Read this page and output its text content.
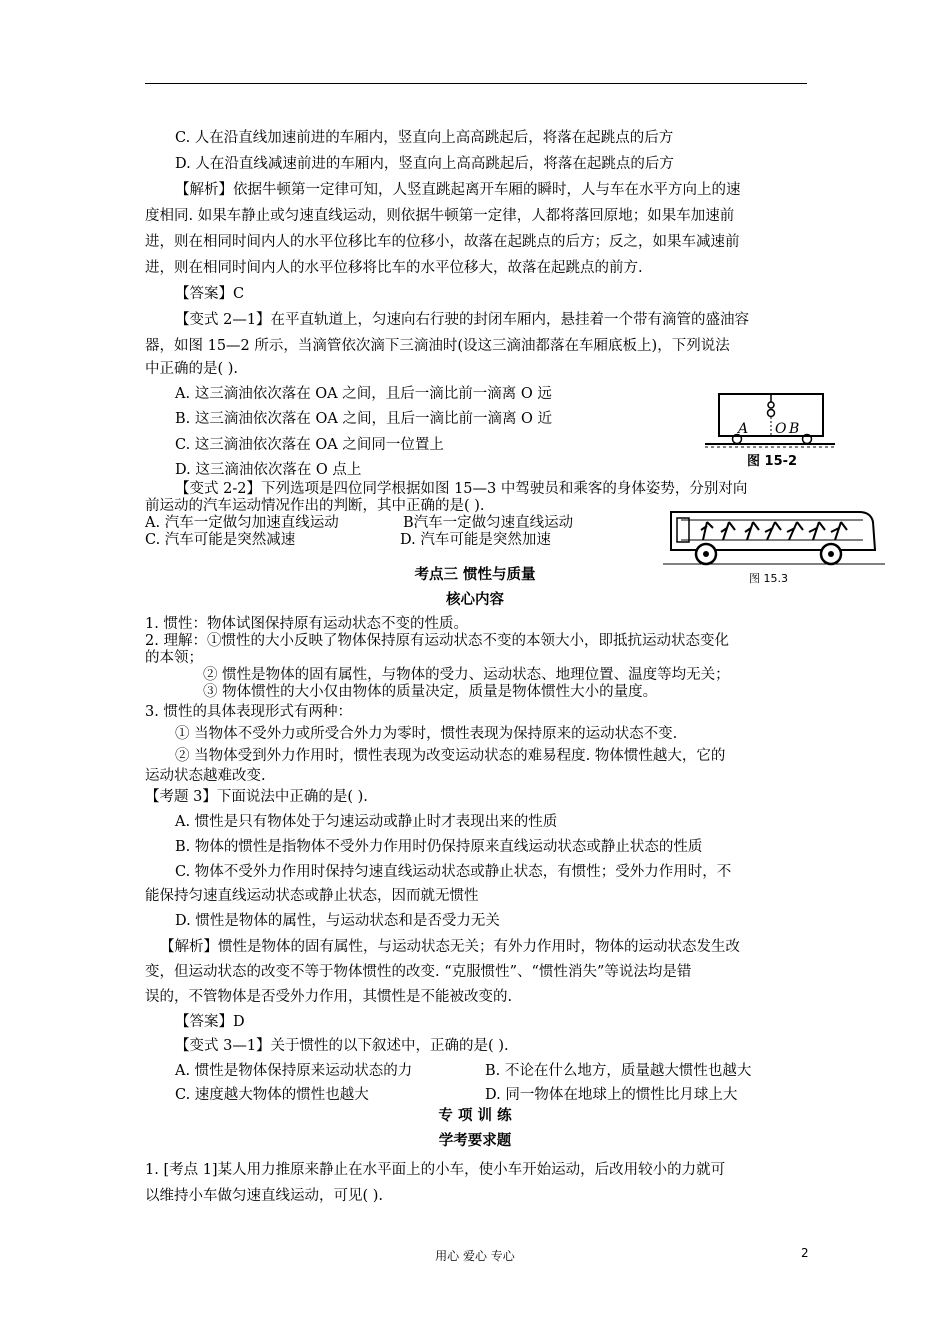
C. 人在沿直线加速前进的车厢内，竖直向上高高跳起后，将落在起跳点的后方
D. 人在沿直线减速前进的车厢内，竖直向上高高跳起后，将落在起跳点的后方
【解析】依据牛顿第一定律可知，人竖直跳起离开车厢的瞬时，人与车在水平方向上的速
度相同. 如果车静止或匀速直线运动，则依据牛顿第一定律，人都将落回原地；如果车加速前
进，则在相同时间内人的水平位移比车的位移小，故落在起跳点的后方；反之，如果车减速前
进，则在相同时间内人的水平位移将比车的水平位移大，故落在起跳点的前方.
【答案】C
【变式 2—1】在平直轨道上，匀速向右行驶的封闭车厢内，悬挂着一个带有滴管的盛油容
器，如图 15—2 所示，当滴管依次滴下三滴油时(设这三滴油都落在车厢底板上)，下列说法
中正确的是( ).
A. 这三滴油依次落在 OA 之间，且后一滴比前一滴离 O 远
B. 这三滴油依次落在 OA 之间，且后一滴比前一滴离 O 近
C. 这三滴油依次落在 OA 之间同一位置上
D. 这三滴油依次落在 O 点上
【变式 2-2】下列选项是四位同学根据如图 15—3 中驾驶员和乘客的身体姿势，分别对向
前运动的汽车运动情况作出的判断，其中正确的是( ).
A. 汽车一定做匀加速直线运动	B汽车一定做匀速直线运动
C. 汽车可能是突然减速	D. 汽车可能是突然加速
A O B
图 15-2
图 15.3
考点三 惯性与质量
核心内容
1. 惯性：物体试图保持原有运动状态不变的性质。
2. 理解：①惯性的大小反映了物体保持原有运动状态不变的本领大小，即抵抗运动状态变化
的本领；
② 惯性是物体的固有属性，与物体的受力、运动状态、地理位置、温度等均无关；
③ 物体惯性的大小仅由物体的质量决定，质量是物体惯性大小的量度。
3. 惯性的具体表现形式有两种：
① 当物体不受外力或所受合外力为零时，惯性表现为保持原来的运动状态不变.
② 当物体受到外力作用时，惯性表现为改变运动状态的难易程度. 物体惯性越大，它的
运动状态越难改变.
【考题 3】下面说法中正确的是( ).
A. 惯性是只有物体处于匀速运动或静止时才表现出来的性质
B. 物体的惯性是指物体不受外力作用时仍保持原来直线运动状态或静止状态的性质
C. 物体不受外力作用时保持匀速直线运动状态或静止状态，有惯性；受外力作用时，不
能保持匀速直线运动状态或静止状态，因而就无惯性
D. 惯性是物体的属性，与运动状态和是否受力无关
【解析】惯性是物体的固有属性，与运动状态无关；有外力作用时，物体的运动状态发生改
变，但运动状态的改变不等于物体惯性的改变. “克服惯性”、“惯性消失”等说法均是错
误的，不管物体是否受外力作用，其惯性是不能被改变的.
【答案】D
【变式 3—1】关于惯性的以下叙述中，正确的是( ).
A. 惯性是物体保持原来运动状态的力	B. 不论在什么地方，质量越大惯性也越大
C. 速度越大物体的惯性也越大	D. 同一物体在地球上的惯性比月球上大
专 项 训 练
学考要求题
1. [考点 1]某人用力推原来静止在水平面上的小车，使小车开始运动，后改用较小的力就可
以维持小车做匀速直线运动，可见( ).
用心 爱心 专心	2
